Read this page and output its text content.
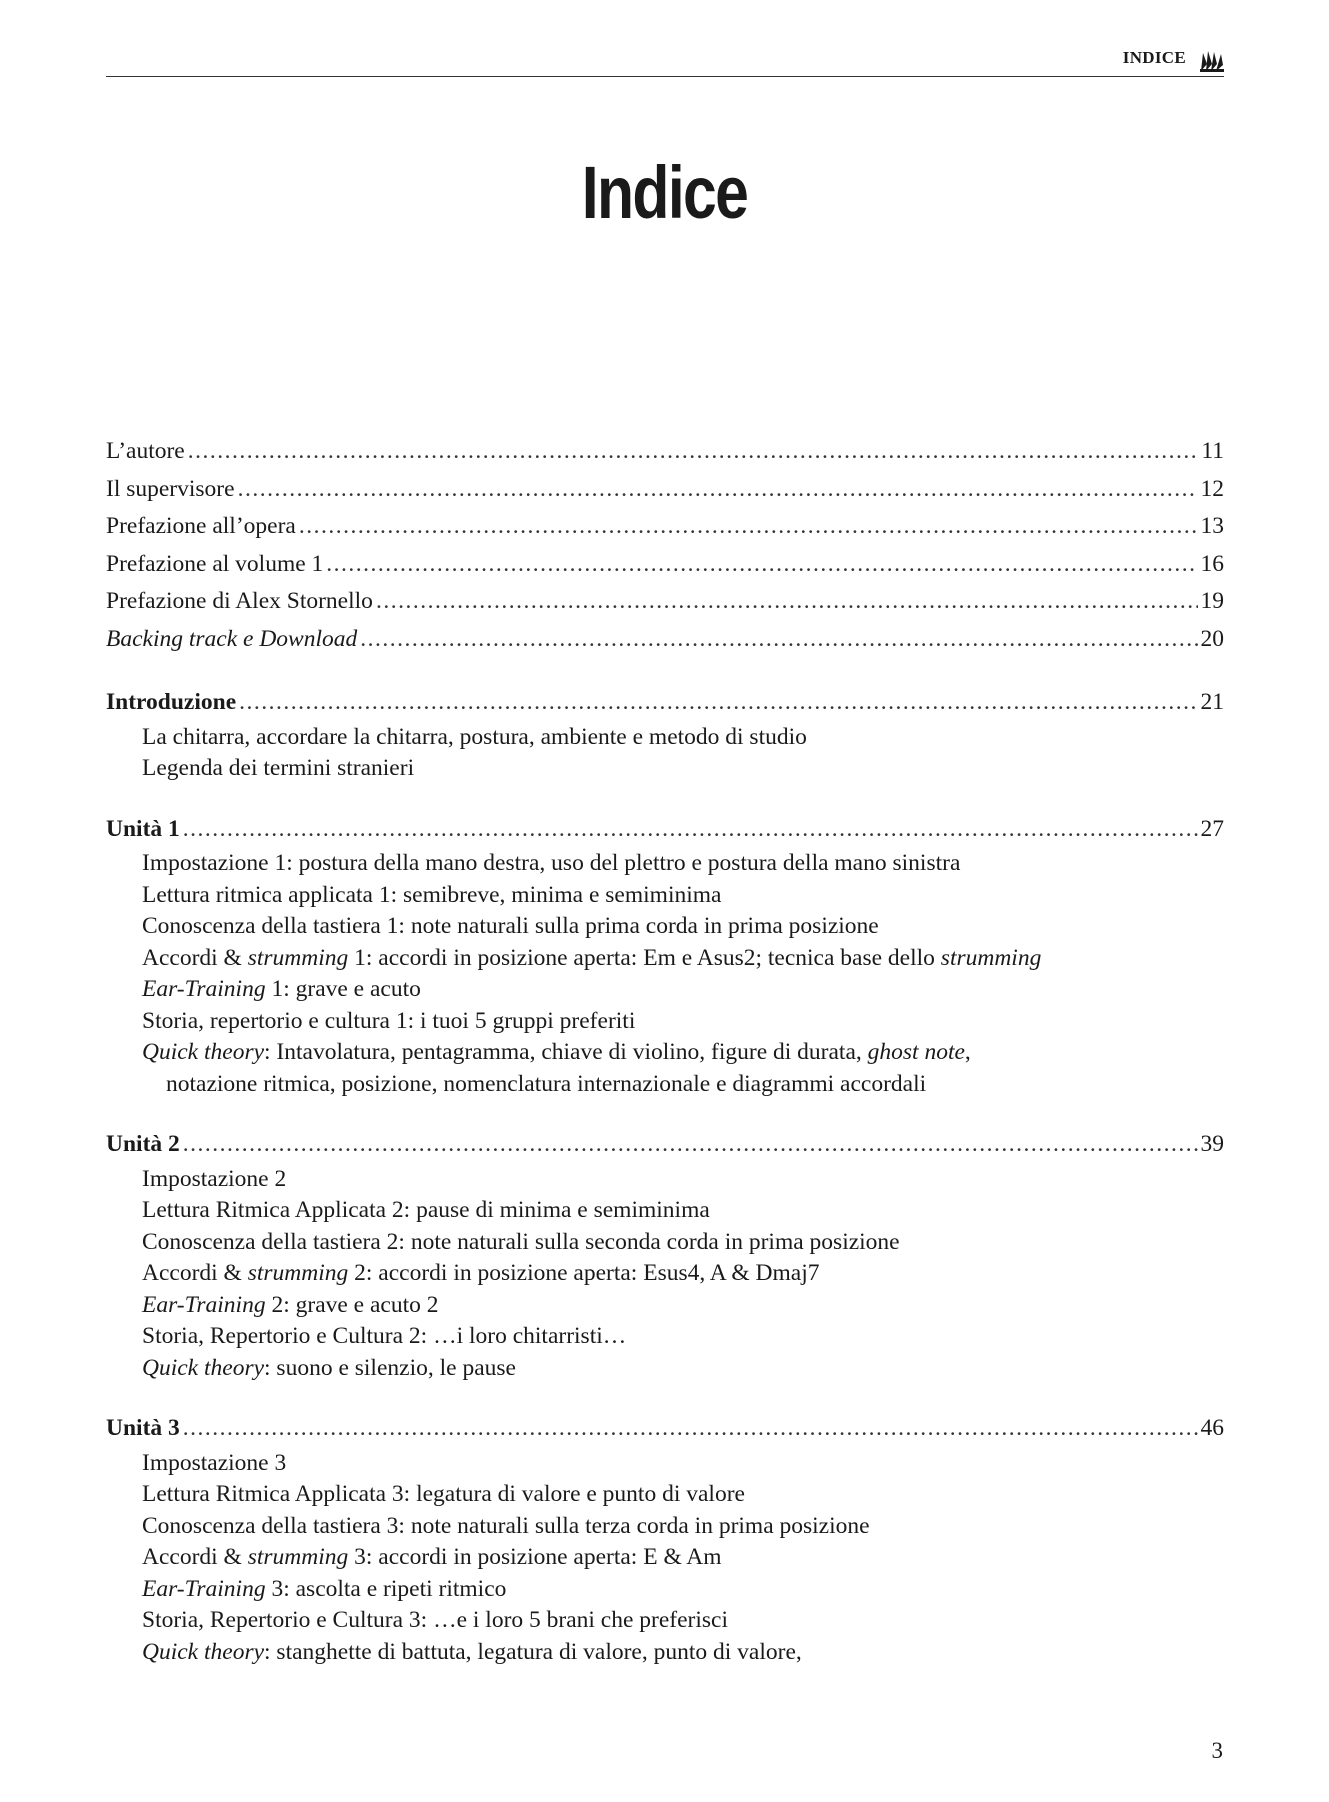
INDICE
Indice
L’autore .....	11
Il supervisore .....	12
Prefazione all’opera .....	13
Prefazione al volume 1 .....	16
Prefazione di Alex Stornello .....	19
Backing track e Download .....	20
Introduzione .....	21
La chitarra, accordare la chitarra, postura, ambiente e metodo di studio
Legenda dei termini stranieri
Unità 1 .....	27
Impostazione 1: postura della mano destra, uso del plettro e postura della mano sinistra
Lettura ritmica applicata 1: semibreve, minima e semiminima
Conoscenza della tastiera 1: note naturali sulla prima corda in prima posizione
Accordi & strumming 1: accordi in posizione aperta: Em e Asus2; tecnica base dello strumming
Ear-Training 1: grave e acuto
Storia, repertorio e cultura 1: i tuoi 5 gruppi preferiti
Quick theory: Intavolatura, pentagramma, chiave di violino, figure di durata, ghost note,
notazione ritmica, posizione, nomenclatura internazionale e diagrammi accordali
Unità 2 .....	39
Impostazione 2
Lettura Ritmica Applicata 2: pause di minima e semiminima
Conoscenza della tastiera 2: note naturali sulla seconda corda in prima posizione
Accordi & strumming 2: accordi in posizione aperta: Esus4, A & Dmaj7
Ear-Training 2: grave e acuto 2
Storia, Repertorio e Cultura 2: …i loro chitarristi…
Quick theory: suono e silenzio, le pause
Unità 3 .....	46
Impostazione 3
Lettura Ritmica Applicata 3: legatura di valore e punto di valore
Conoscenza della tastiera 3: note naturali sulla terza corda in prima posizione
Accordi & strumming 3: accordi in posizione aperta: E & Am
Ear-Training 3: ascolta e ripeti ritmico
Storia, Repertorio e Cultura 3: …e i loro 5 brani che preferisci
Quick theory: stanghette di battuta, legatura di valore, punto di valore,
3
